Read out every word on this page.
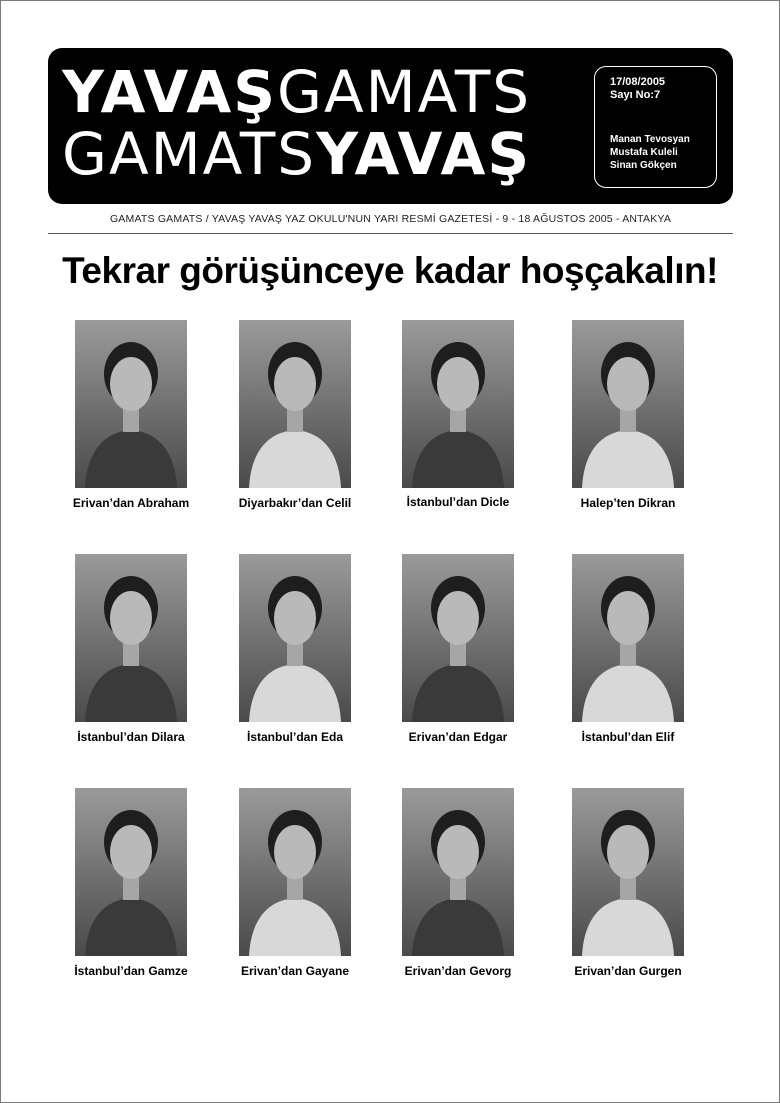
YAVAŞGAMATS
GAMATSYAVAŞ
17/08/2005
Sayı No:7
Manan Tevosyan
Mustafa Kuleli
Sinan Gökçen
GAMATS GAMATS / YAVAŞ YAVAŞ YAZ OKULU'NUN YARI RESMİ GAZETESİ - 9 - 18 AĞUSTOS 2005 - ANTAKYA
Tekrar görüşünceye kadar hoşçakalın!
Erivan’dan Abraham	Diyarbakır’dan Celil	İstanbul’dan Dicle	Halep’ten Dikran
İstanbul’dan Dilara	İstanbul’dan Eda	Erivan’dan Edgar	İstanbul’dan Elif
İstanbul’dan Gamze	Erivan’dan Gayane	Erivan’dan Gevorg	Erivan’dan Gurgen
